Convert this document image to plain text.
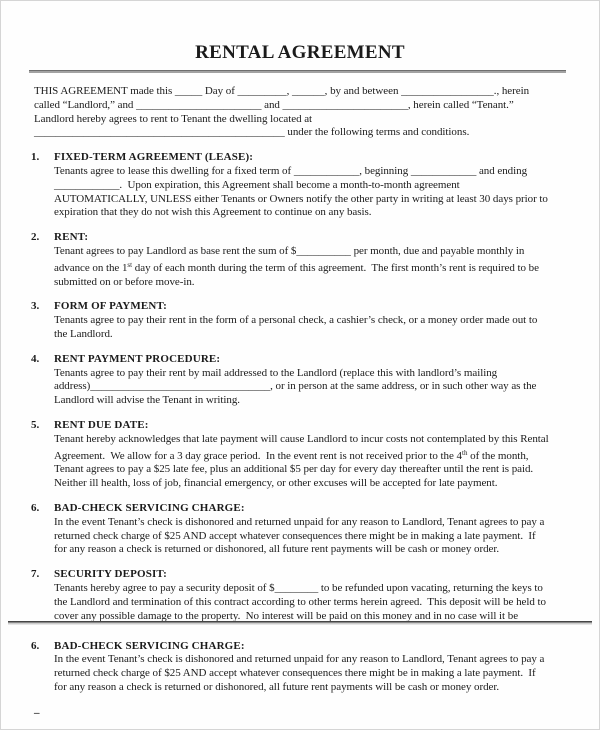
RENTAL AGREEMENT
THIS AGREEMENT made this _____ Day of _________, ______, by and between _________________., herein
called “Landlord,” and _______________________ and _______________________, herein called “Tenant.”
Landlord hereby agrees to rent to Tenant the dwelling located at
______________________________________________ under the following terms and conditions.
1.	FIXED-TERM AGREEMENT (LEASE):
Tenants agree to lease this dwelling for a fixed term of ____________, beginning ____________ and ending
____________.  Upon expiration, this Agreement shall become a month-to-month agreement
AUTOMATICALLY, UNLESS either Tenants or Owners notify the other party in writing at least 30 days prior to
expiration that they do not wish this Agreement to continue on any basis.
2.	RENT:
Tenant agrees to pay Landlord as base rent the sum of $__________ per month, due and payable monthly in
advance on the 1st day of each month during the term of this agreement.  The first month’s rent is required to be
submitted on or before move-in.
3.	FORM OF PAYMENT:
Tenants agree to pay their rent in the form of a personal check, a cashier’s check, or a money order made out to
the Landlord.
4.	RENT PAYMENT PROCEDURE:
Tenants agree to pay their rent by mail addressed to the Landlord (replace this with landlord’s mailing
address)_________________________________, or in person at the same address, or in such other way as the
Landlord will advise the Tenant in writing.
5.	RENT DUE DATE:
Tenant hereby acknowledges that late payment will cause Landlord to incur costs not contemplated by this Rental
Agreement.  We allow for a 3 day grace period.  In the event rent is not received prior to the 4th of the month,
Tenant agrees to pay a $25 late fee, plus an additional $5 per day for every day thereafter until the rent is paid.
Neither ill health, loss of job, financial emergency, or other excuses will be accepted for late payment.
6.	BAD-CHECK SERVICING CHARGE:
In the event Tenant’s check is dishonored and returned unpaid for any reason to Landlord, Tenant agrees to pay a
returned check charge of $25 AND accept whatever consequences there might be in making a late payment.  If
for any reason a check is returned or dishonored, all future rent payments will be cash or money order.
7.	SECURITY DEPOSIT:
Tenants hereby agree to pay a security deposit of $________ to be refunded upon vacating, returning the keys to
the Landlord and termination of this contract according to other terms herein agreed.  This deposit will be held to
cover any possible damage to the property.  No interest will be paid on this money and in no case will it be
6.	BAD-CHECK SERVICING CHARGE:
In the event Tenant’s check is dishonored and returned unpaid for any reason to Landlord, Tenant agrees to pay a
returned check charge of $25 AND accept whatever consequences there might be in making a late payment.  If
for any reason a check is returned or dishonored, all future rent payments will be cash or money order.
–
